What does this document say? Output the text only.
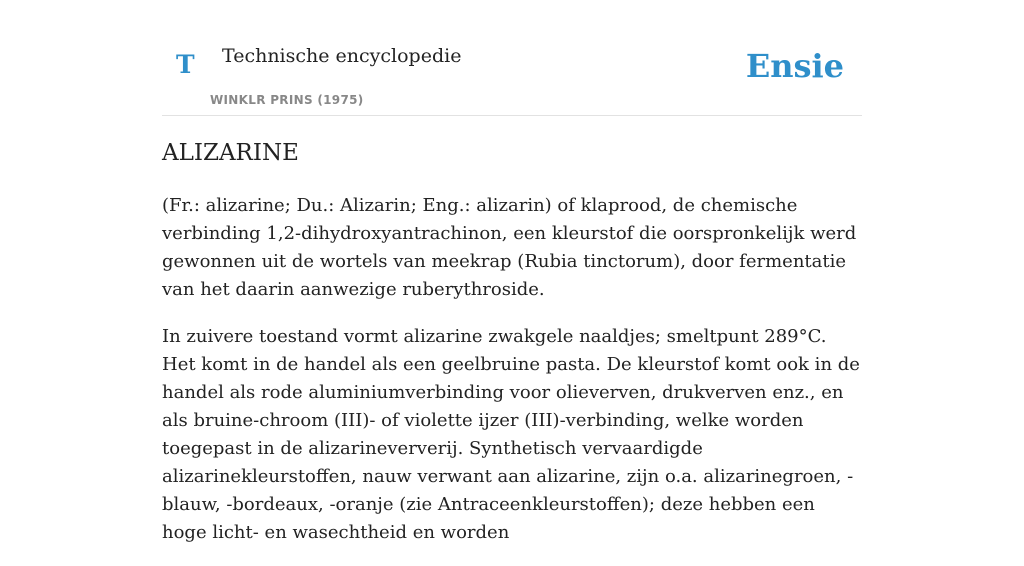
T Technische encyclopedie
WINKLR PRINS (1975)
Ensie
ALIZARINE

(Fr.: alizarine; Du.: Alizarin; Eng.: alizarin) of klaprood, de chemische verbinding 1,2-dihydroxyantrachinon, een kleurstof die oorspronkelijk werd gewonnen uit de wortels van meekrap (Rubia tinctorum), door fermentatie van het daarin aanwezige ruberythroside.

In zuivere toestand vormt alizarine zwakgele naaldjes; smeltpunt 289°C. Het komt in de handel als een geelbruine pasta. De kleurstof komt ook in de handel als rode aluminiumverbinding voor olieverven, drukverven enz., en als bruine-chroom (III)- of violette ijzer (III)-verbinding, welke worden toegepast in de alizarineververij. Synthetisch vervaardigde alizarinekleurstoffen, nauw verwant aan alizarine, zijn o.a. alizarinegroen, -blauw, -bordeaux, -oranje (zie Antraceenkleurstoffen); deze hebben een hoge licht- en wasechtheid en worden
